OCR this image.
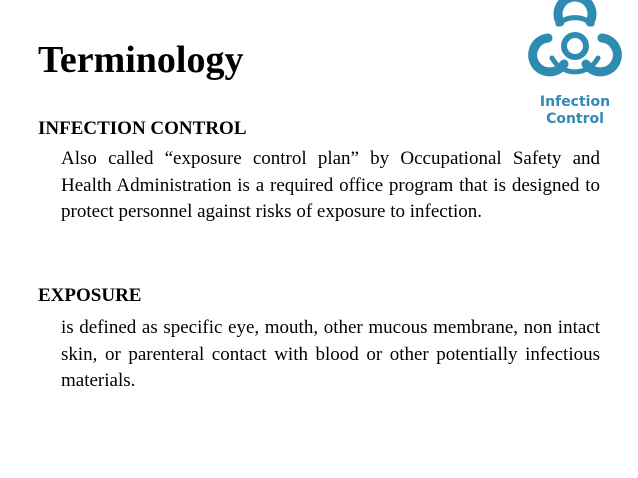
Terminology
INFECTION CONTROL
Also called “exposure control plan” by Occupational Safety and Health Administration is a required office program that is designed to protect personnel against risks of exposure to infection.
EXPOSURE
is defined as specific eye, mouth, other mucous membrane, non intact skin, or parenteral contact with blood or other potentially infectious materials.
Infection
Control
